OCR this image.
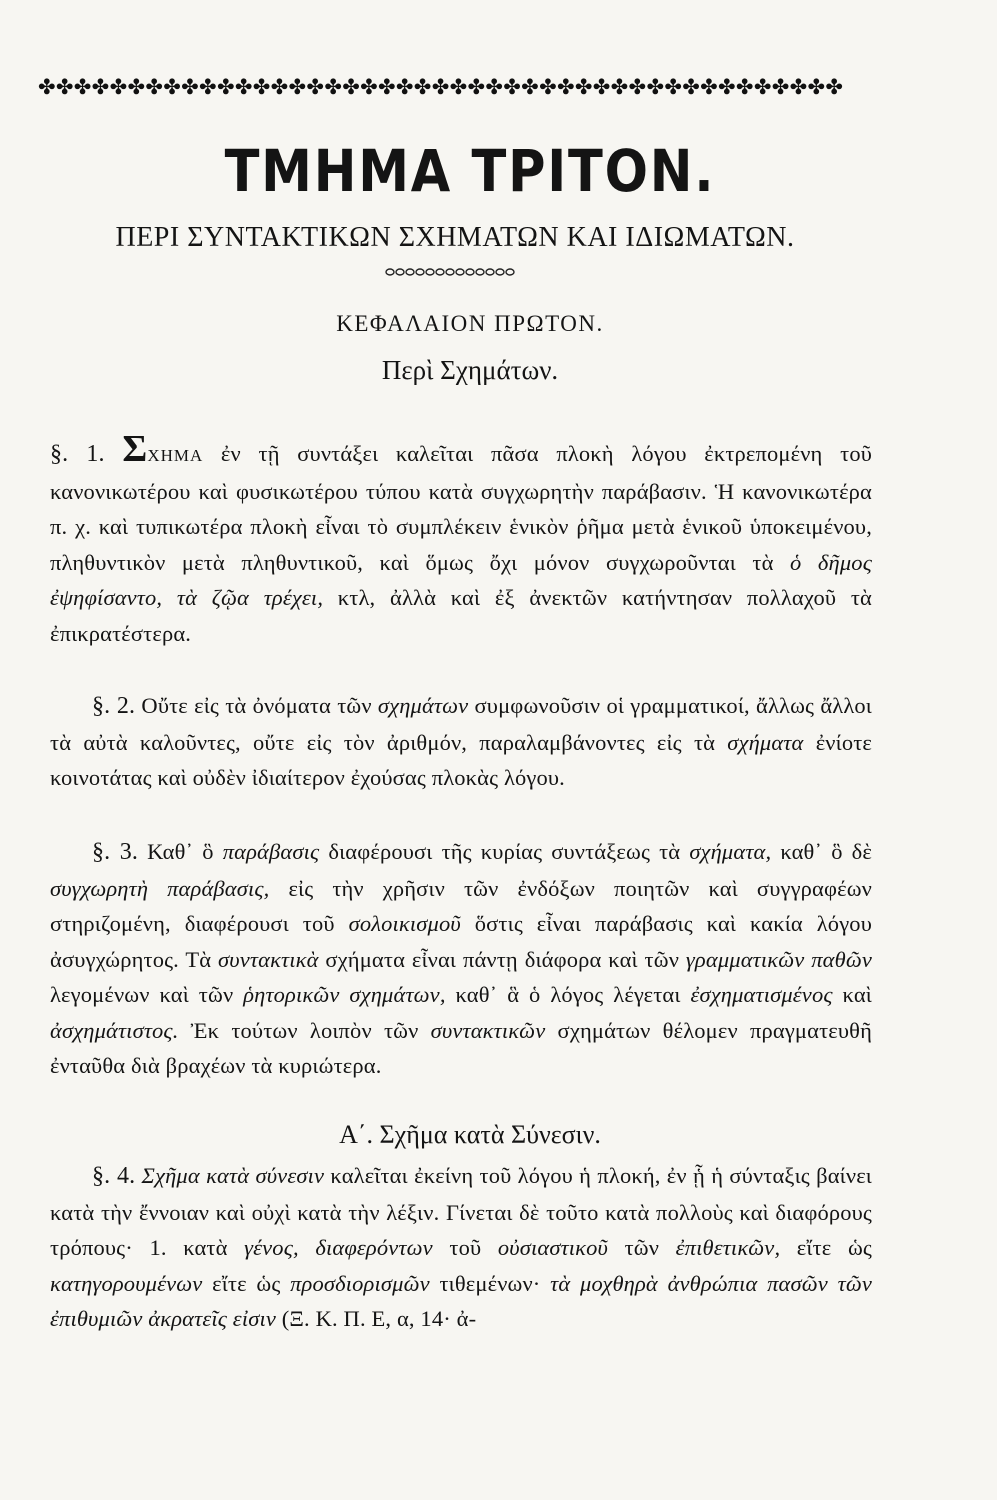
✤✤✤✤✤✤✤✤✤✤✤✤✤✤✤✤✤✤✤✤✤✤✤✤✤✤✤✤✤✤✤✤✤✤✤✤✤✤✤✤✤✤✤✤✤
ΤΜΗΜΑ ΤΡΙΤΟΝ.
ΠΕΡΙ ΣΥΝΤΑΚΤΙΚΩΝ ΣΧΗΜΑΤΩΝ ΚΑΙ ΙΔΙΩΜΑΤΩΝ.
ΚΕΦΑΛΑΙΟΝ ΠΡΩΤΟΝ.
Περὶ Σχημάτων.
§. 1. ΣΧΗΜΑ ἐν τῇ συντάξει καλεῖται πᾶσα πλοκὴ λόγου ἐκτρεπομένη τοῦ κανονικωτέρου καὶ φυσικωτέρου τύπου κατὰ συγχωρητὴν παράβασιν. Ἡ κανονικωτέρα π. χ. καὶ τυπικωτέρα πλοκὴ εἶναι τὸ συμπλέκειν ἑνικὸν ῥῆμα μετὰ ἑνικοῦ ὑποκειμένου, πληθυντικὸν μετὰ πληθυντικοῦ, καὶ ὅμως ὄχι μόνον συγχωροῦνται τὰ ὁ δῆμος ἐψηφίσαντο, τὰ ζῷα τρέχει, κτλ, ἀλλὰ καὶ ἐξ ἀνεκτῶν κατήντησαν πολλαχοῦ τὰ ἐπικρατέστερα.
§. 2. Οὔτε εἰς τὰ ὀνόματα τῶν σχημάτων συμφωνοῦσιν οἱ γραμματικοί, ἄλλως ἄλλοι τὰ αὐτὰ καλοῦντες, οὔτε εἰς τὸν ἀριθμόν, παραλαμβάνοντες εἰς τὰ σχήματα ἐνίοτε κοινοτάτας καὶ οὐδὲν ἰδιαίτερον ἐχούσας πλοκὰς λόγου.
§. 3. Καθ᾽ ὃ παράβασις διαφέρουσι τῆς κυρίας συντάξεως τὰ σχήματα, καθ᾽ ὃ δὲ συγχωρητὴ παράβασις, εἰς τὴν χρῆσιν τῶν ἐνδόξων ποιητῶν καὶ συγγραφέων στηριζομένη, διαφέρουσι τοῦ σολοικισμοῦ ὅστις εἶναι παράβασις καὶ κακία λόγου ἀσυγχώρητος. Τὰ συντακτικὰ σχήματα εἶναι πάντῃ διάφορα καὶ τῶν γραμματικῶν παθῶν λεγομένων καὶ τῶν ῥητορικῶν σχημάτων, καθ᾽ ἃ ὁ λόγος λέγεται ἐσχηματισμένος καὶ ἀσχημάτιστος. Ἐκ τούτων λοιπὸν τῶν συντακτικῶν σχημάτων θέλομεν πραγματευθῆ ἐνταῦθα διὰ βραχέων τὰ κυριώτερα.
Α΄. Σχῆμα κατὰ Σύνεσιν.
§. 4. Σχῆμα κατὰ σύνεσιν καλεῖται ἐκείνη τοῦ λόγου ἡ πλοκή, ἐν ᾗ ἡ σύνταξις βαίνει κατὰ τὴν ἔννοιαν καὶ οὐχὶ κατὰ τὴν λέξιν. Γίνεται δὲ τοῦτο κατὰ πολλοὺς καὶ διαφόρους τρόπους· 1. κατὰ γένος, διαφερόντων τοῦ οὐσιαστικοῦ τῶν ἐπιθετικῶν, εἴτε ὡς κατηγορουμένων εἴτε ὡς προσδιορισμῶν τιθεμένων· τὰ μοχθηρὰ ἀνθρώπια πασῶν τῶν ἐπιθυμιῶν ἀκρατεῖς εἰσιν (Ξ. Κ. Π. Ε, α, 14· ἀ-
